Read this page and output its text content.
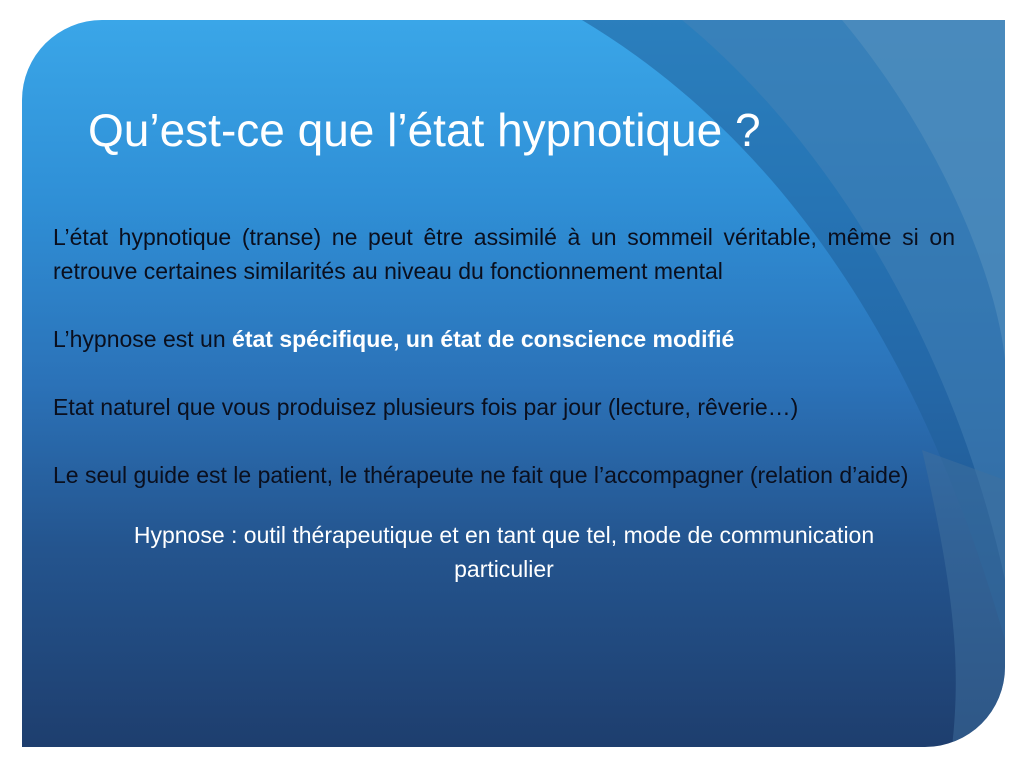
Qu’est-ce que l’état hypnotique ?

L’état hypnotique (transe) ne peut être assimilé à un sommeil véritable, même si on retrouve certaines similarités au niveau du fonctionnement mental

L’hypnose est un état spécifique, un état de conscience modifié

Etat naturel que vous produisez plusieurs fois par jour (lecture, rêverie…)

Le seul guide est le patient, le thérapeute ne fait que l’accompagner (relation d’aide)

Hypnose : outil thérapeutique et en tant que tel, mode de communication particulier
